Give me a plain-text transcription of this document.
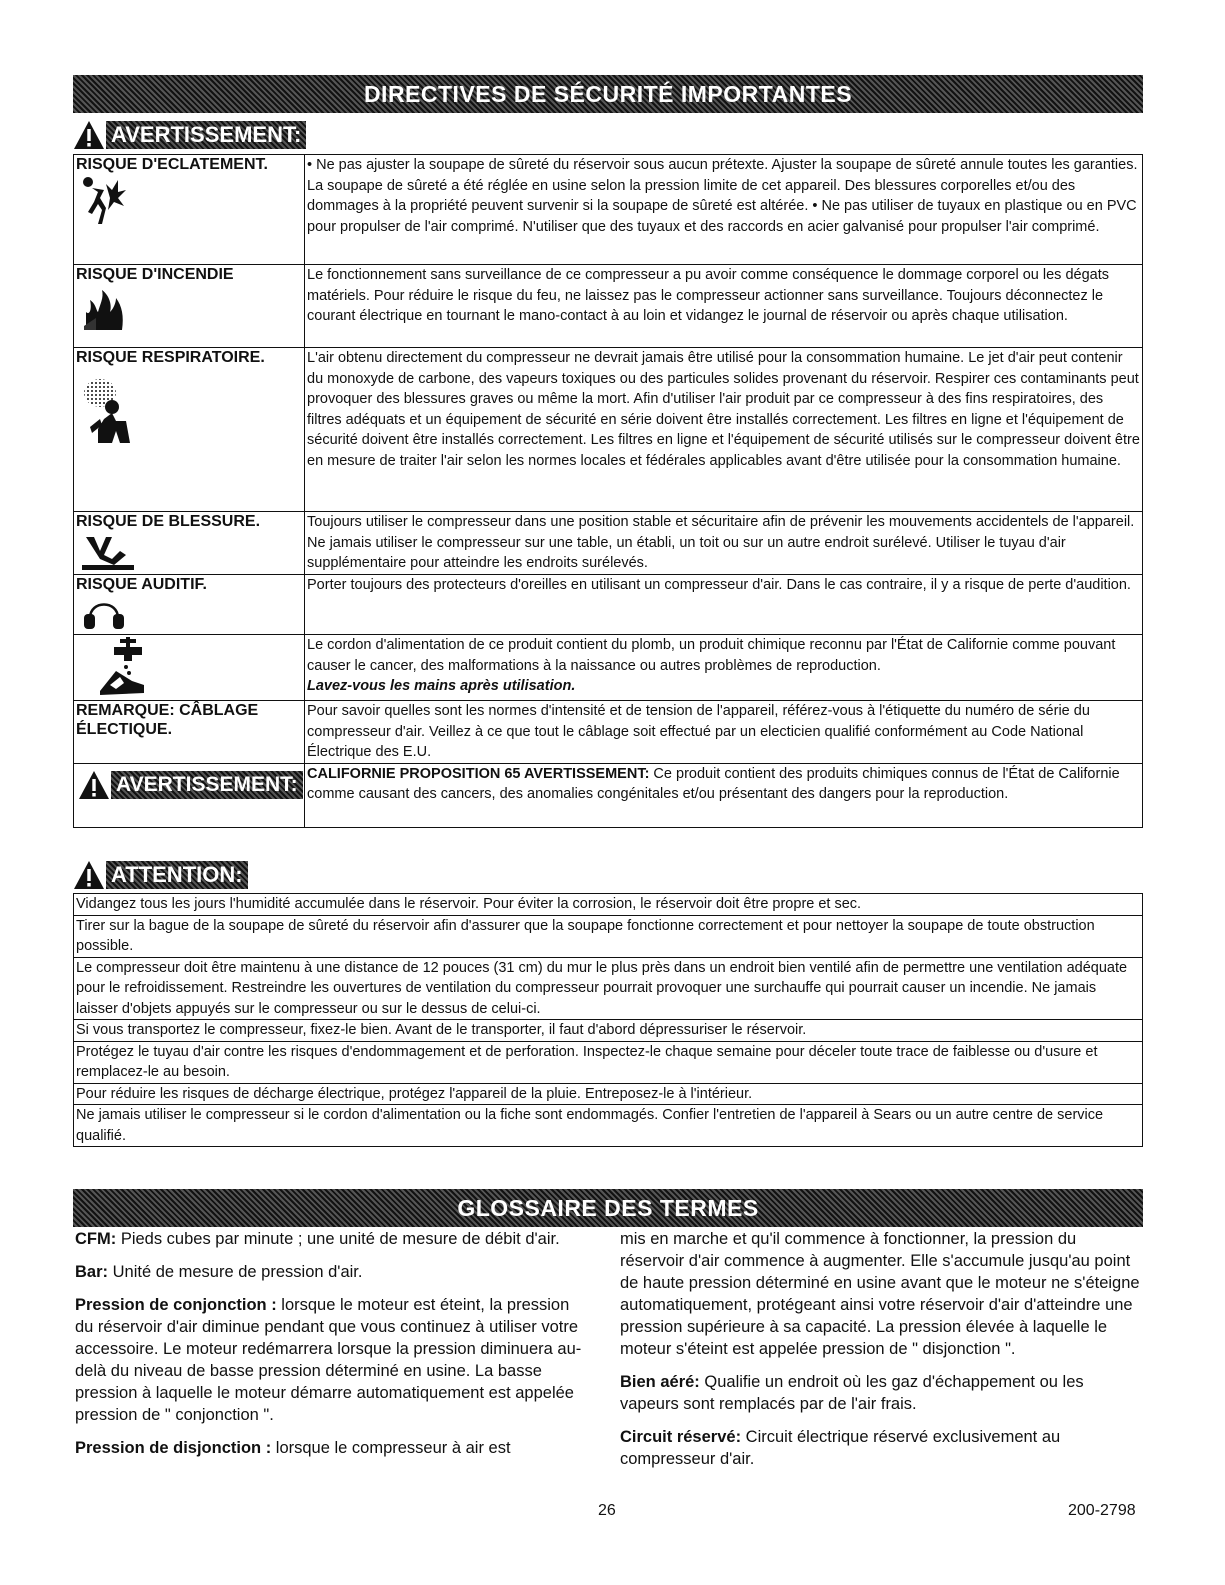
DIRECTIVES DE SÉCURITÉ IMPORTANTES
AVERTISSEMENT:
RISQUE D'ECLATEMENT.	• Ne pas ajuster la soupape de sûreté du réservoir sous aucun prétexte. Ajuster la soupape de sûreté annule toutes les garanties. La soupape de sûreté a été réglée en usine selon la pression limite de cet appareil. Des blessures corporelles et/ou des dommages à la propriété peuvent survenir si la soupape de sûreté est altérée. • Ne pas utiliser de tuyaux en plastique ou en PVC pour propulser de l'air comprimé. N'utiliser que des tuyaux et des raccords en acier galvanisé pour propulser l'air comprimé.

RISQUE D'INCENDIE	Le fonctionnement sans surveillance de ce compresseur a pu avoir comme conséquence le dommage corporel ou les dégats matériels. Pour réduire le risque du feu, ne laissez pas le compresseur actionner sans surveillance. Toujours déconnectez le courant électrique en tournant le mano-contact à au loin et vidangez le journal de réservoir ou après chaque utilisation.

RISQUE RESPIRATOIRE.	L'air obtenu directement du compresseur ne devrait jamais être utilisé pour la consommation humaine. Le jet d'air peut contenir du monoxyde de carbone, des vapeurs toxiques ou des particules solides provenant du réservoir. Respirer ces contaminants peut provoquer des blessures graves ou même la mort. Afin d'utiliser l'air produit par ce compresseur à des fins respiratoires, des filtres adéquats et un équipement de sécurité en série doivent être installés correctement. Les filtres en ligne et l'équipement de sécurité doivent être installés correctement. Les filtres en ligne et l'équipement de sécurité utilisés sur le compresseur doivent être en mesure de traiter l'air selon les normes locales et fédérales applicables avant d'être utilisée pour la consommation humaine.

RISQUE DE BLESSURE.	Toujours utiliser le compresseur dans une position stable et sécuritaire afin de prévenir les mouvements accidentels de l'appareil. Ne jamais utiliser le compresseur sur une table, un établi, un toit ou sur un autre endroit surélevé. Utiliser le tuyau d'air supplémentaire pour atteindre les endroits surélevés.

RISQUE AUDITIF.	Porter toujours des protecteurs d'oreilles en utilisant un compresseur d'air. Dans le cas contraire, il y a risque de perte d'audition.

	Le cordon d'alimentation de ce produit contient du plomb, un produit chimique reconnu par l'État de Californie comme pouvant causer le cancer, des malformations à la naissance ou autres problèmes de reproduction.
Lavez-vous les mains après utilisation.

REMARQUE: CÂBLAGE ÉLECTIQUE.	Pour savoir quelles sont les normes d'intensité et de tension de l'appareil, référez-vous à l'étiquette du numéro de série du compresseur d'air. Veillez à ce que tout le câblage soit effectué par un electicien qualifié conformément au Code National Électrique des E.U.

AVERTISSEMENT:	CALIFORNIE PROPOSITION 65 AVERTISSEMENT: Ce produit contient des produits chimiques connus de l'État de Californie comme causant des cancers, des anomalies congénitales et/ou présentant des dangers pour la reproduction.
ATTENTION:
Vidangez tous les jours l'humidité accumulée dans le réservoir. Pour éviter la corrosion, le réservoir doit être propre et sec.
Tirer sur la bague de la soupape de sûreté du réservoir afin d'assurer que la soupape fonctionne correctement et pour nettoyer la soupape de toute obstruction possible.
Le compresseur doit être maintenu à une distance de 12 pouces (31 cm) du mur le plus près dans un endroit bien ventilé afin de permettre une ventilation adéquate pour le refroidissement. Restreindre les ouvertures de ventilation du compresseur pourrait provoquer une surchauffe qui pourrait causer un incendie. Ne jamais laisser d'objets appuyés sur le compresseur ou sur le dessus de celui-ci.
Si vous transportez le compresseur, fixez-le bien. Avant de le transporter, il faut d'abord dépressuriser le réservoir.
Protégez le tuyau d'air contre les risques d'endommagement et de perforation. Inspectez-le chaque semaine pour déceler toute trace de faiblesse ou d'usure et remplacez-le au besoin.
Pour réduire les risques de décharge électrique, protégez l'appareil de la pluie. Entreposez-le à l'intérieur.
Ne jamais utiliser le compresseur si le cordon d'alimentation ou la fiche sont endommagés. Confier l'entretien de l'appareil à Sears ou un autre centre de service qualifié.
GLOSSAIRE DES TERMES

CFM: Pieds cubes par minute ; une unité de mesure de débit d'air.

Bar: Unité de mesure de pression d'air.

Pression de conjonction : lorsque le moteur est éteint, la pression du réservoir d'air diminue pendant que vous continuez à utiliser votre accessoire. Le moteur redémarrera lorsque la pression diminuera au-delà du niveau de basse pression déterminé en usine. La basse pression à laquelle le moteur démarre automatiquement est appelée pression de " conjonction ".

Pression de disjonction : lorsque le compresseur à air est

mis en marche et qu'il commence à fonctionner, la pression du réservoir d'air commence à augmenter. Elle s'accumule jusqu'au point de haute pression déterminé en usine avant que le moteur ne s'éteigne automatiquement, protégeant ainsi votre réservoir d'air d'atteindre une pression supérieure à sa capacité. La pression élevée à laquelle le moteur s'éteint est appelée pression de " disjonction ".

Bien aéré: Qualifie un endroit où les gaz d'échappement ou les vapeurs sont remplacés par de l'air frais.

Circuit réservé: Circuit électrique réservé exclusivement au compresseur d'air.

26	200-2798
